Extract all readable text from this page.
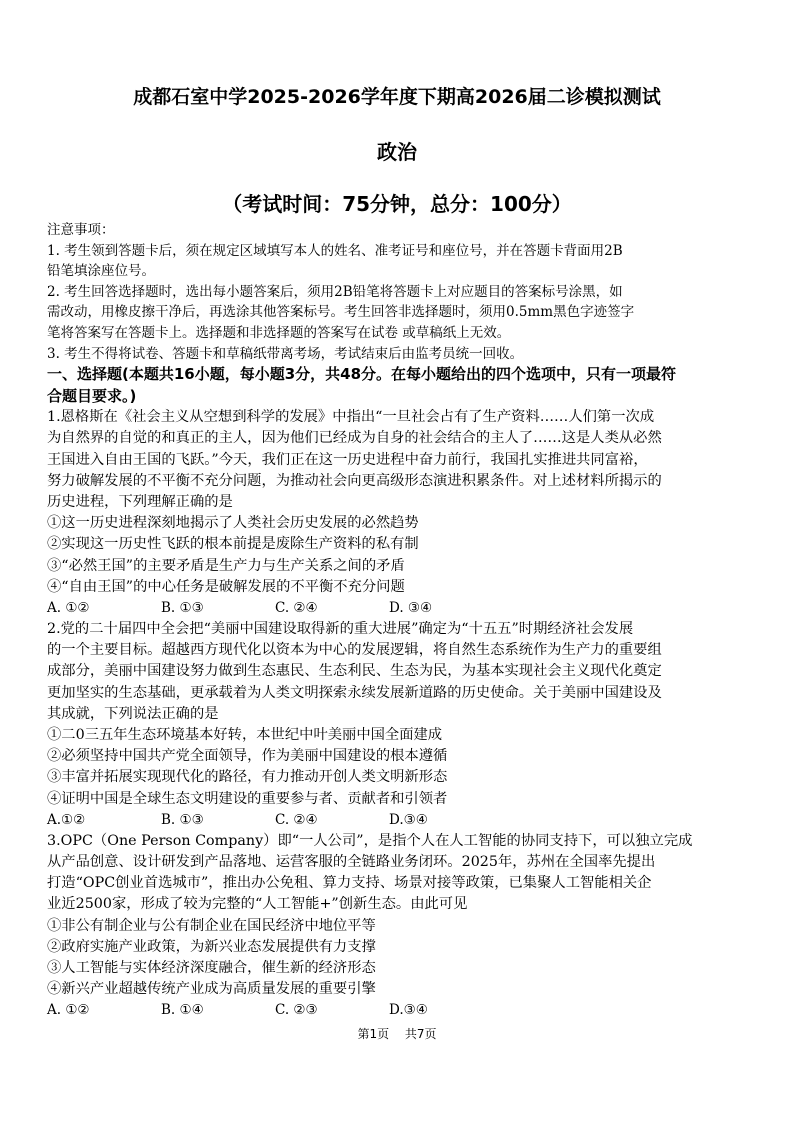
成都石室中学2025-2026学年度下期高2026届二诊模拟测试
政治
（考试时间：75分钟，总分：100分）
注意事项：
1. 考生领到答题卡后，须在规定区域填写本人的姓名、准考证号和座位号，并在答题卡背面用2B
铅笔填涂座位号。
2. 考生回答选择题时，选出每小题答案后，须用2B铅笔将答题卡上对应题目的答案标号涂黑，如
需改动，用橡皮擦干净后，再选涂其他答案标号。考生回答非选择题时，须用0.5mm黑色字迹签字
笔将答案写在答题卡上。选择题和非选择题的答案写在试卷 或草稿纸上无效。
3. 考生不得将试卷、答题卡和草稿纸带离考场，考试结束后由监考员统一回收。
一、选择题(本题共16小题，每小题3分，共48分。在每小题给出的四个选项中，只有一项最符
合题目要求。)
1.恩格斯在《社会主义从空想到科学的发展》中指出“一旦社会占有了生产资料……人们第一次成
为自然界的自觉的和真正的主人，因为他们已经成为自身的社会结合的主人了……这是人类从必然
王国进入自由王国的飞跃。”今天，我们正在这一历史进程中奋力前行，我国扎实推进共同富裕，
努力破解发展的不平衡不充分问题，为推动社会向更高级形态演进积累条件。对上述材料所揭示的
历史进程，下列理解正确的是
①这一历史进程深刻地揭示了人类社会历史发展的必然趋势
②实现这一历史性飞跃的根本前提是废除生产资料的私有制
③“必然王国”的主要矛盾是生产力与生产关系之间的矛盾
④“自由王国”的中心任务是破解发展的不平衡不充分问题
A. ①②	B. ①③	C. ②④	D. ③④
2.党的二十届四中全会把“美丽中国建设取得新的重大进展”确定为“十五五”时期经济社会发展
的一个主要目标。超越西方现代化以资本为中心的发展逻辑，将自然生态系统作为生产力的重要组
成部分，美丽中国建设努力做到生态惠民、生态利民、生态为民，为基本实现社会主义现代化奠定
更加坚实的生态基础，更承载着为人类文明探索永续发展新道路的历史使命。关于美丽中国建设及
其成就，下列说法正确的是
①二0三五年生态环境基本好转，本世纪中叶美丽中国全面建成
②必须坚持中国共产党全面领导，作为美丽中国建设的根本遵循
③丰富并拓展实现现代化的路径，有力推动开创人类文明新形态
④证明中国是全球生态文明建设的重要参与者、贡献者和引领者
A.①②	B. ①③	C. ②④	D.③④
3.OPC（One Person Company）即“一人公司”，是指个人在人工智能的协同支持下，可以独立完成
从产品创意、设计研发到产品落地、运营客服的全链路业务闭环。2025年，苏州在全国率先提出
打造“OPC创业首选城市”，推出办公免租、算力支持、场景对接等政策，已集聚人工智能相关企
业近2500家，形成了较为完整的“人工智能+”创新生态。由此可见
①非公有制企业与公有制企业在国民经济中地位平等
②政府实施产业政策，为新兴业态发展提供有力支撑
③人工智能与实体经济深度融合，催生新的经济形态
④新兴产业超越传统产业成为高质量发展的重要引擎
A. ①②	B. ①④	C. ②③	D.③④
第1页 共7页
